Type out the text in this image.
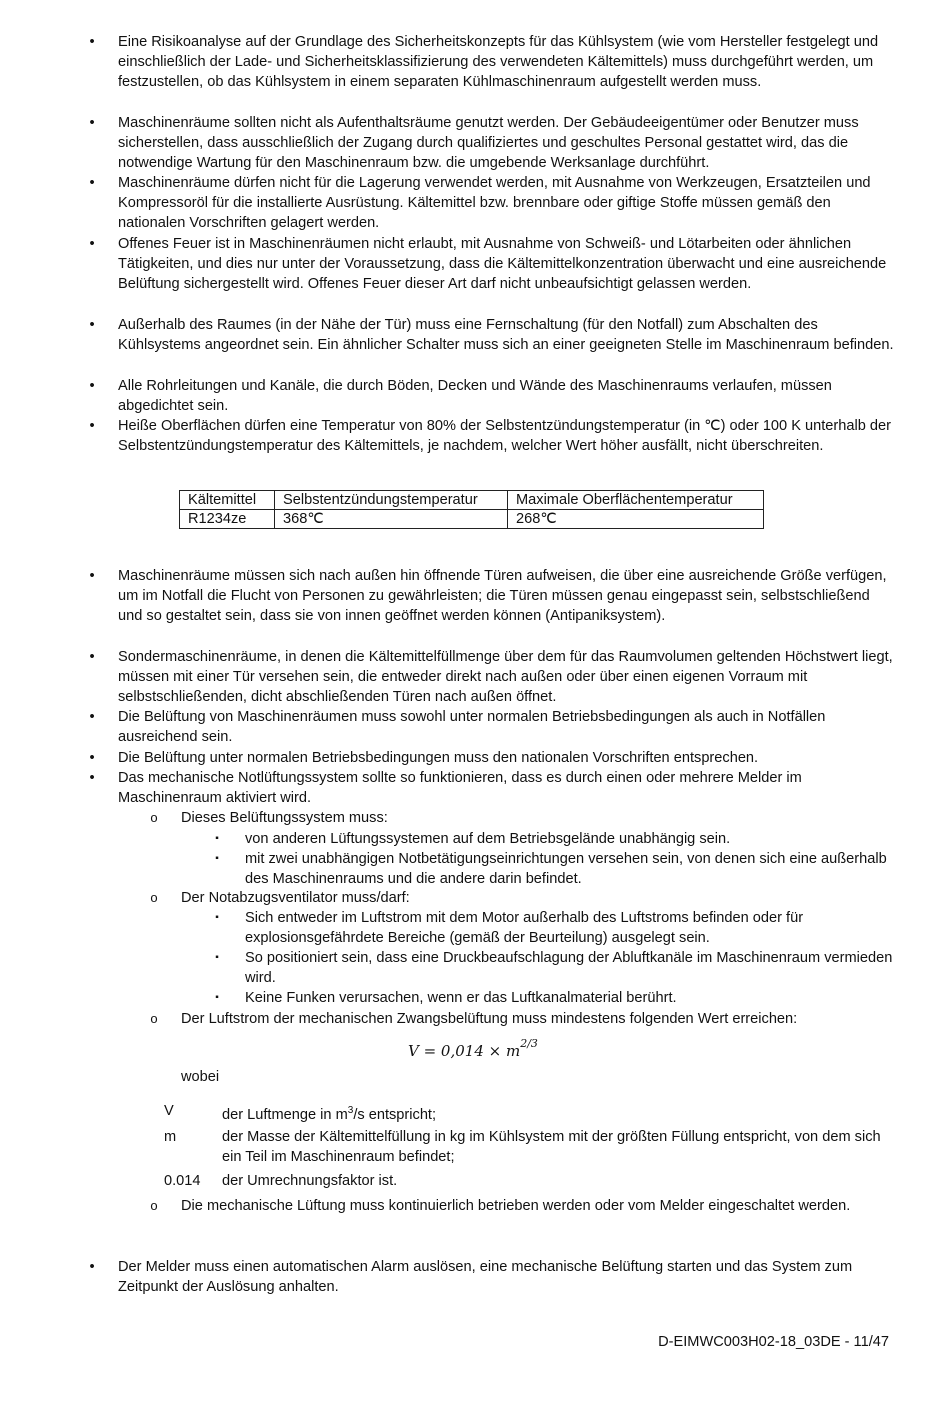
• Eine Risikoanalyse auf der Grundlage des Sicherheitskonzepts für das Kühlsystem (wie vom Hersteller festgelegt und einschließlich der Lade- und Sicherheitsklassifizierung des verwendeten Kältemittels) muss durchgeführt werden, um festzustellen, ob das Kühlsystem in einem separaten Kühlmaschinenraum aufgestellt werden muss.
• Maschinenräume sollten nicht als Aufenthaltsräume genutzt werden. Der Gebäudeeigentümer oder Benutzer muss sicherstellen, dass ausschließlich der Zugang durch qualifiziertes und geschultes Personal gestattet wird, das die notwendige Wartung für den Maschinenraum bzw. die umgebende Werksanlage durchführt.
• Maschinenräume dürfen nicht für die Lagerung verwendet werden, mit Ausnahme von Werkzeugen, Ersatzteilen und Kompressoröl für die installierte Ausrüstung. Kältemittel bzw. brennbare oder giftige Stoffe müssen gemäß den nationalen Vorschriften gelagert werden.
• Offenes Feuer ist in Maschinenräumen nicht erlaubt, mit Ausnahme von Schweiß- und Lötarbeiten oder ähnlichen Tätigkeiten, und dies nur unter der Voraussetzung, dass die Kältemittelkonzentration überwacht und eine ausreichende Belüftung sichergestellt wird. Offenes Feuer dieser Art darf nicht unbeaufsichtigt gelassen werden.
• Außerhalb des Raumes (in der Nähe der Tür) muss eine Fernschaltung (für den Notfall) zum Abschalten des Kühlsystems angeordnet sein. Ein ähnlicher Schalter muss sich an einer geeigneten Stelle im Maschinenraum befinden.
• Alle Rohrleitungen und Kanäle, die durch Böden, Decken und Wände des Maschinenraums verlaufen, müssen abgedichtet sein.
• Heiße Oberflächen dürfen eine Temperatur von 80% der Selbstentzündungstemperatur (in ℃) oder 100 K unterhalb der Selbstentzündungstemperatur des Kältemittels, je nachdem, welcher Wert höher ausfällt, nicht überschreiten.
Kältemittel	Selbstentzündungstemperatur	Maximale Oberflächentemperatur
R1234ze	368℃	268℃
• Maschinenräume müssen sich nach außen hin öffnende Türen aufweisen, die über eine ausreichende Größe verfügen, um im Notfall die Flucht von Personen zu gewährleisten; die Türen müssen genau eingepasst sein, selbstschließend und so gestaltet sein, dass sie von innen geöffnet werden können (Antipaniksystem).
• Sondermaschinenräume, in denen die Kältemittelfüllmenge über dem für das Raumvolumen geltenden Höchstwert liegt, müssen mit einer Tür versehen sein, die entweder direkt nach außen oder über einen eigenen Vorraum mit selbstschließenden, dicht abschließenden Türen nach außen öffnet.
• Die Belüftung von Maschinenräumen muss sowohl unter normalen Betriebsbedingungen als auch in Notfällen ausreichend sein.
• Die Belüftung unter normalen Betriebsbedingungen muss den nationalen Vorschriften entsprechen.
• Das mechanische Notlüftungssystem sollte so funktionieren, dass es durch einen oder mehrere Melder im Maschinenraum aktiviert wird.
o Dieses Belüftungssystem muss:
▪ von anderen Lüftungssystemen auf dem Betriebsgelände unabhängig sein.
▪ mit zwei unabhängigen Notbetätigungseinrichtungen versehen sein, von denen sich eine außerhalb des Maschinenraums und die andere darin befindet.
o Der Notabzugsventilator muss/darf:
▪ Sich entweder im Luftstrom mit dem Motor außerhalb des Luftstroms befinden oder für explosionsgefährdete Bereiche (gemäß der Beurteilung) ausgelegt sein.
▪ So positioniert sein, dass eine Druckbeaufschlagung der Abluftkanäle im Maschinenraum vermieden wird.
▪ Keine Funken verursachen, wenn er das Luftkanalmaterial berührt.
o Der Luftstrom der mechanischen Zwangsbelüftung muss mindestens folgenden Wert erreichen:
$V = 0,014 \times m^{2/3}$
wobei
V	der Luftmenge in $m^3/s$ entspricht;
m	der Masse der Kältemittelfüllung in kg im Kühlsystem mit der größten Füllung entspricht, von dem sich ein Teil im Maschinenraum befindet;
0.014 der Umrechnungsfaktor ist.
o Die mechanische Lüftung muss kontinuierlich betrieben werden oder vom Melder eingeschaltet werden.
• Der Melder muss einen automatischen Alarm auslösen, eine mechanische Belüftung starten und das System zum Zeitpunkt der Auslösung anhalten.
D-EIMWC003H02-18_03DE - 11/47
